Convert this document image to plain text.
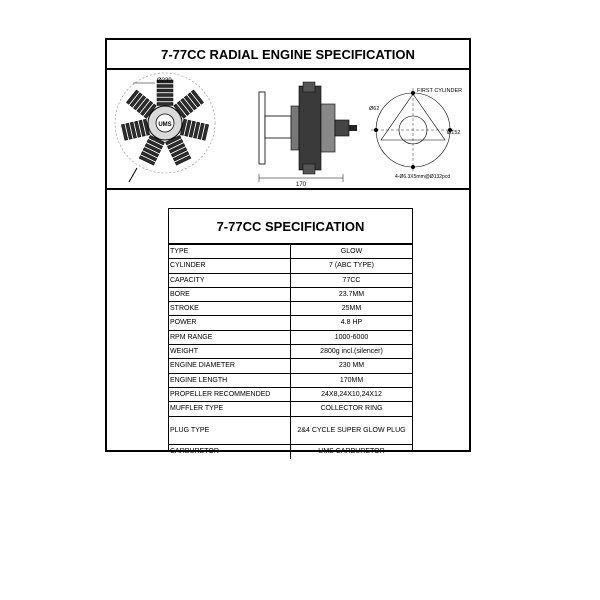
7-77CC RADIAL ENGINE SPECIFICATION
UMS
Ø230
170
FIRST CYLINDER
Ø62
Ø152
4-Ø6.3X5mm@Ø132pcd
7-77CC SPECIFICATION
TYPE	GLOW
CYLINDER	7 (ABC TYPE)
CAPACITY	77CC
BORE	23.7MM
STROKE	25MM
POWER	4.8 HP
RPM RANGE	1000-6000
WEIGHT	2800g incl.(silencer)
ENGINE DIAMETER	230 MM
ENGINE LENGTH	170MM
PROPELLER RECOMMENDED	24X8,24X10,24X12
MUFFLER TYPE	COLLECTOR RING
PLUG TYPE	2&4 CYCLE SUPER GLOW PLUG
CARBURETOR	UMS CARBURETOR
